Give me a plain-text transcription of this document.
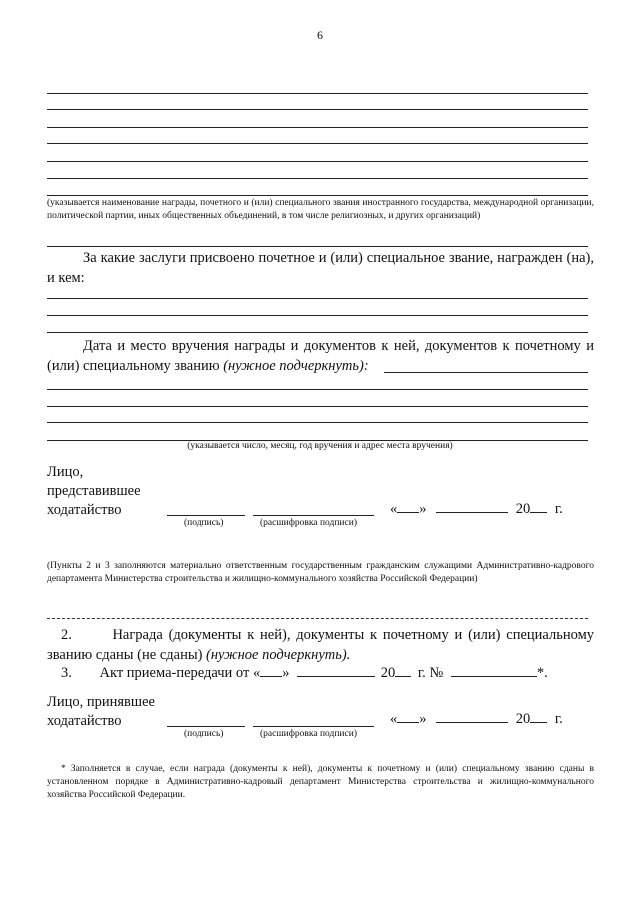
6
(указывается наименование награды, почетного и (или) специального звания иностранного государства, международной организации, политической партии, иных общественных объединений, в том числе религиозных, и других организаций)
За какие заслуги присвоено почетное и (или) специальное звание, награжден (на), и кем:
Дата и место вручения награды и документов к ней, документов к почетному и (или) специальному званию (нужное подчеркнуть):
(указывается число, месяц, год вручения и адрес места вручения)
Лицо,
представившее
ходатайство
(подпись)	(расшифровка подписи)
« »	20 г.
(Пункты 2 и 3 заполняются материально ответственным государственным гражданским служащими Административно-кадрового департамента Министерства строительства и жилищно-коммунального хозяйства Российской Федерации)
2.	Награда (документы к ней), документы к почетному и (или) специальному званию сданы (не сданы) (нужное подчеркнуть).
3. Акт приема-передачи от « »	20 г. №	*.
Лицо, принявшее
ходатайство
(подпись)	(расшифровка подписи)
« »	20 г.
* Заполняется в случае, если награда (документы к ней), документы к почетному и (или) специальному званию сданы в установленном порядке в Административно-кадровый департамент Министерства строительства и жилищно-коммунального хозяйства Российской Федерации.
